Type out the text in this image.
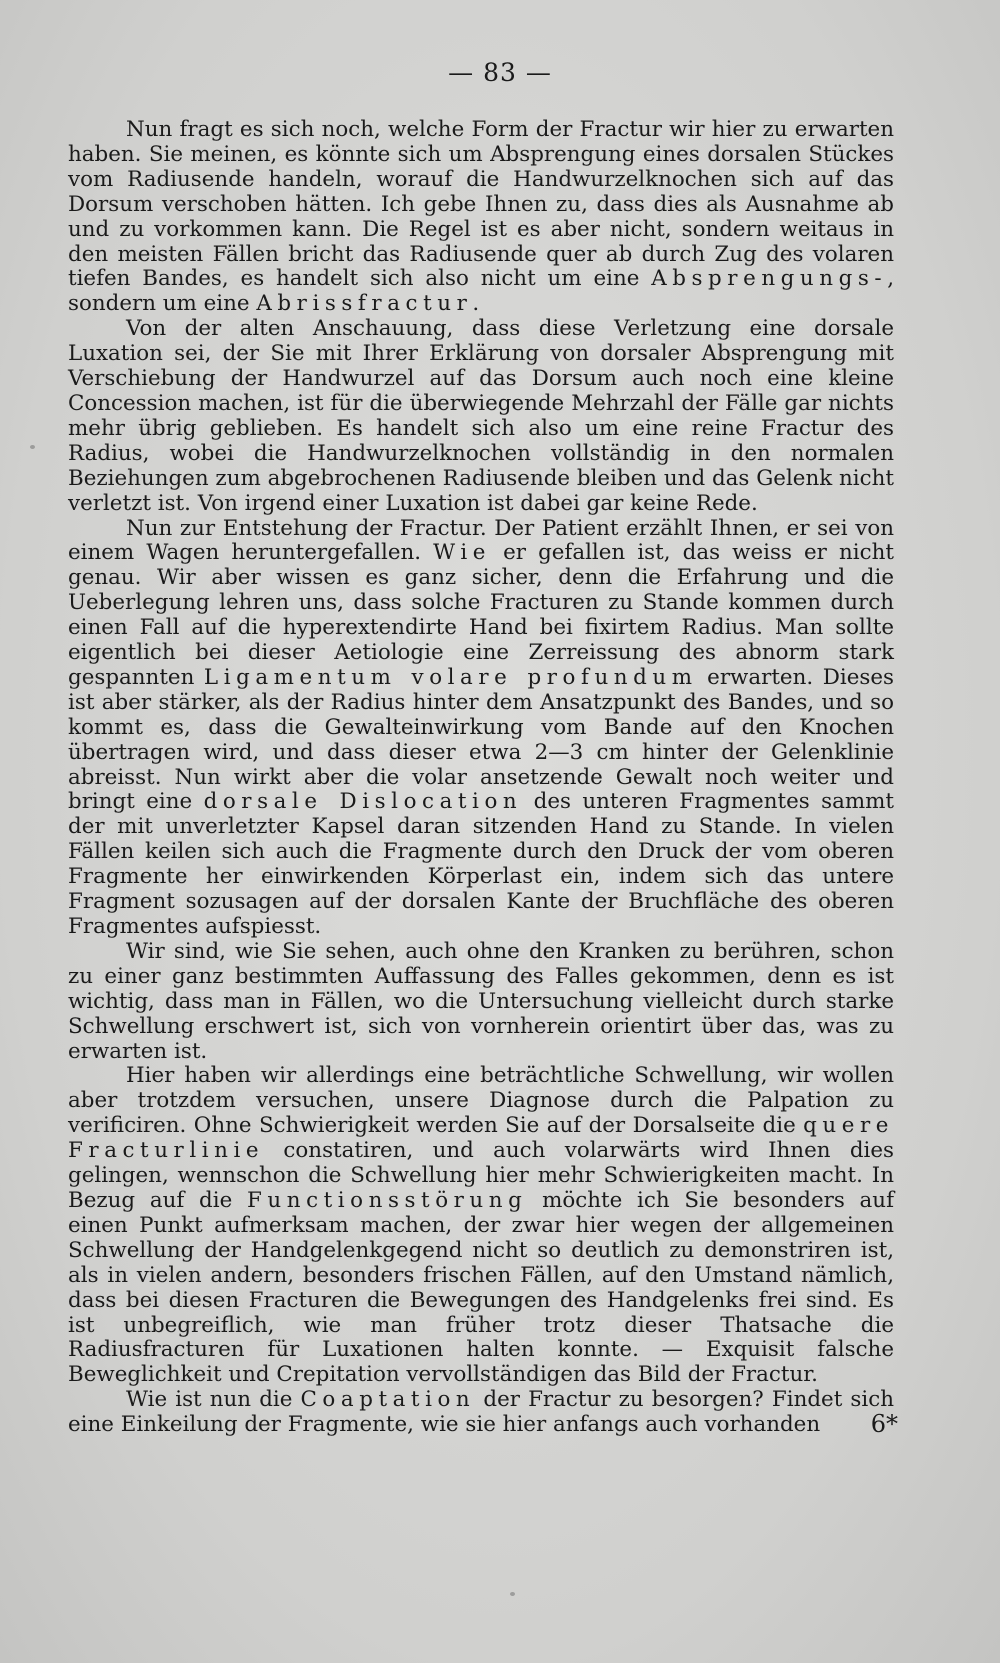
— 83 —

Nun fragt es sich noch, welche Form der Fractur wir hier zu erwarten haben. Sie meinen, es könnte sich um Absprengung eines dorsalen Stückes vom Radiusende handeln, worauf die Handwurzelknochen sich auf das Dorsum verschoben hätten. Ich gebe Ihnen zu, dass dies als Ausnahme ab und zu vorkommen kann. Die Regel ist es aber nicht, sondern weitaus in den meisten Fällen bricht das Radiusende quer ab durch Zug des volaren tiefen Bandes, es handelt sich also nicht um eine Absprengungs-, sondern um eine Abrissfractur.

Von der alten Anschauung, dass diese Verletzung eine dorsale Luxation sei, der Sie mit Ihrer Erklärung von dorsaler Absprengung mit Verschiebung der Handwurzel auf das Dorsum auch noch eine kleine Concession machen, ist für die überwiegende Mehrzahl der Fälle gar nichts mehr übrig geblieben. Es handelt sich also um eine reine Fractur des Radius, wobei die Handwurzelknochen vollständig in den normalen Beziehungen zum abgebrochenen Radiusende bleiben und das Gelenk nicht verletzt ist. Von irgend einer Luxation ist dabei gar keine Rede.

Nun zur Entstehung der Fractur. Der Patient erzählt Ihnen, er sei von einem Wagen heruntergefallen. Wie er gefallen ist, das weiss er nicht genau. Wir aber wissen es ganz sicher, denn die Erfahrung und die Ueberlegung lehren uns, dass solche Fracturen zu Stande kommen durch einen Fall auf die hyperextendirte Hand bei fixirtem Radius. Man sollte eigentlich bei dieser Aetiologie eine Zerreissung des abnorm stark gespannten Ligamentum volare profundum erwarten. Dieses ist aber stärker, als der Radius hinter dem Ansatzpunkt des Bandes, und so kommt es, dass die Gewalteinwirkung vom Bande auf den Knochen übertragen wird, und dass dieser etwa 2—3 cm hinter der Gelenklinie abreisst. Nun wirkt aber die volar ansetzende Gewalt noch weiter und bringt eine dorsale Dislocation des unteren Fragmentes sammt der mit unverletzter Kapsel daran sitzenden Hand zu Stande. In vielen Fällen keilen sich auch die Fragmente durch den Druck der vom oberen Fragmente her einwirkenden Körperlast ein, indem sich das untere Fragment sozusagen auf der dorsalen Kante der Bruchfläche des oberen Fragmentes aufspiesst.

Wir sind, wie Sie sehen, auch ohne den Kranken zu berühren, schon zu einer ganz bestimmten Auffassung des Falles gekommen, denn es ist wichtig, dass man in Fällen, wo die Untersuchung vielleicht durch starke Schwellung erschwert ist, sich von vornherein orientirt über das, was zu erwarten ist.

Hier haben wir allerdings eine beträchtliche Schwellung, wir wollen aber trotzdem versuchen, unsere Diagnose durch die Palpation zu verificiren. Ohne Schwierigkeit werden Sie auf der Dorsalseite die quere Fracturlinie constatiren, und auch volarwärts wird Ihnen dies gelingen, wennschon die Schwellung hier mehr Schwierigkeiten macht. In Bezug auf die Functionsstörung möchte ich Sie besonders auf einen Punkt aufmerksam machen, der zwar hier wegen der allgemeinen Schwellung der Handgelenkgegend nicht so deutlich zu demonstriren ist, als in vielen andern, besonders frischen Fällen, auf den Umstand nämlich, dass bei diesen Fracturen die Bewegungen des Handgelenks frei sind. Es ist unbegreiflich, wie man früher trotz dieser Thatsache die Radiusfracturen für Luxationen halten konnte. — Exquisit falsche Beweglichkeit und Crepitation vervollständigen das Bild der Fractur.

Wie ist nun die Coaptation der Fractur zu besorgen? Findet sich eine Einkeilung der Fragmente, wie sie hier anfangs auch vorhanden	6*
